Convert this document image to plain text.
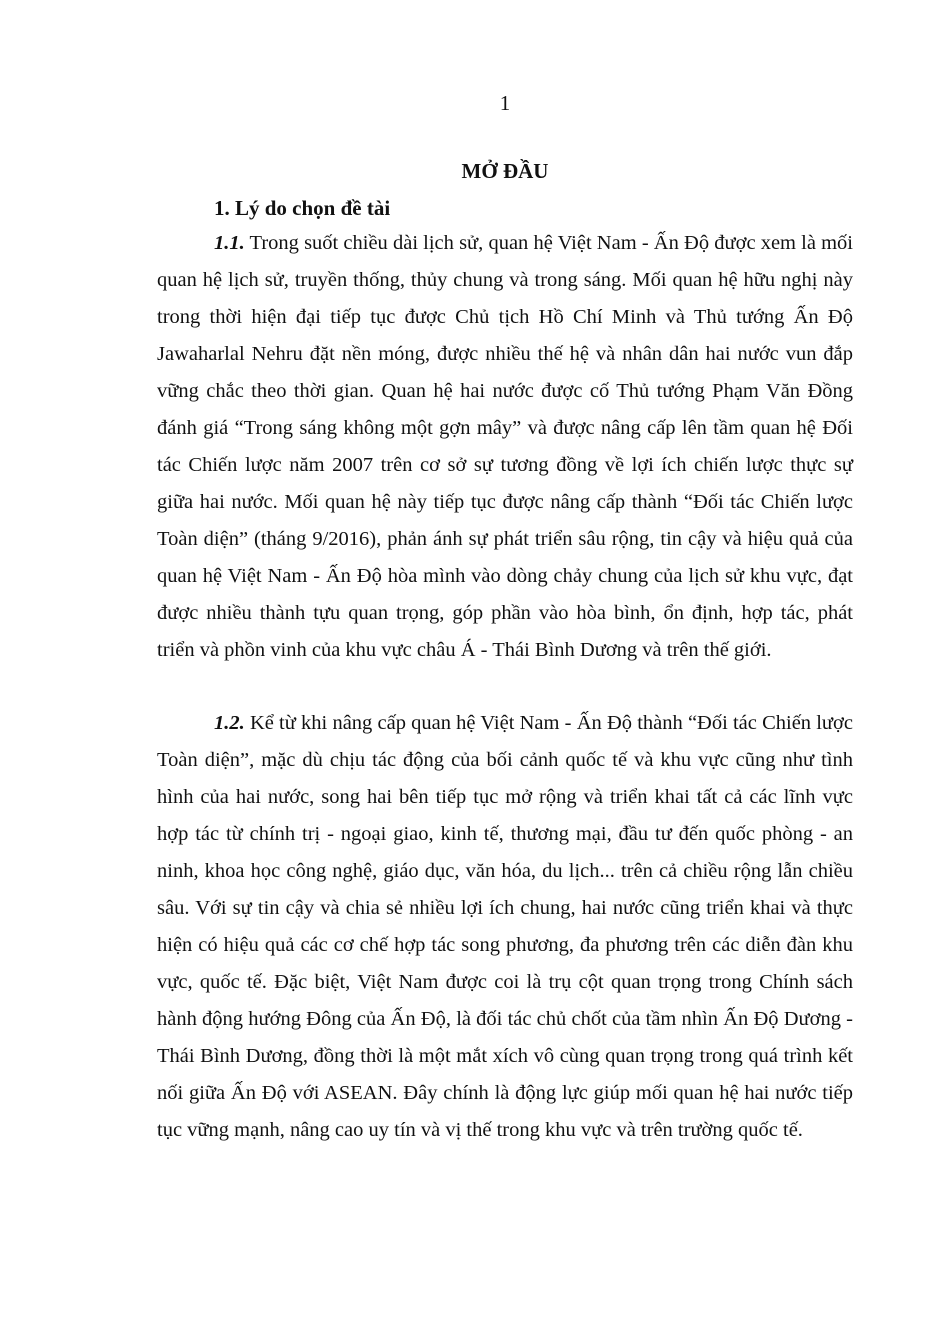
1
MỞ ĐẦU
1. Lý do chọn đề tài

1.1. Trong suốt chiều dài lịch sử, quan hệ Việt Nam - Ấn Độ được xem là mối quan hệ lịch sử, truyền thống, thủy chung và trong sáng. Mối quan hệ hữu nghị này trong thời hiện đại tiếp tục được Chủ tịch Hồ Chí Minh và Thủ tướng Ấn Độ Jawaharlal Nehru đặt nền móng, được nhiều thế hệ và nhân dân hai nước vun đắp vững chắc theo thời gian. Quan hệ hai nước được cố Thủ tướng Phạm Văn Đồng đánh giá “Trong sáng không một gợn mây” và được nâng cấp lên tầm quan hệ Đối tác Chiến lược năm 2007 trên cơ sở sự tương đồng về lợi ích chiến lược thực sự giữa hai nước. Mối quan hệ này tiếp tục được nâng cấp thành “Đối tác Chiến lược Toàn diện” (tháng 9/2016), phản ánh sự phát triển sâu rộng, tin cậy và hiệu quả của quan hệ Việt Nam - Ấn Độ hòa mình vào dòng chảy chung của lịch sử khu vực, đạt được nhiều thành tựu quan trọng, góp phần vào hòa bình, ổn định, hợp tác, phát triển và phồn vinh của khu vực châu Á - Thái Bình Dương và trên thế giới.

1.2. Kể từ khi nâng cấp quan hệ Việt Nam - Ấn Độ thành “Đối tác Chiến lược Toàn diện”, mặc dù chịu tác động của bối cảnh quốc tế và khu vực cũng như tình hình của hai nước, song hai bên tiếp tục mở rộng và triển khai tất cả các lĩnh vực hợp tác từ chính trị - ngoại giao, kinh tế, thương mại, đầu tư đến quốc phòng - an ninh, khoa học công nghệ, giáo dục, văn hóa, du lịch... trên cả chiều rộng lẫn chiều sâu. Với sự tin cậy và chia sẻ nhiều lợi ích chung, hai nước cũng triển khai và thực hiện có hiệu quả các cơ chế hợp tác song phương, đa phương trên các diễn đàn khu vực, quốc tế. Đặc biệt, Việt Nam được coi là trụ cột quan trọng trong Chính sách hành động hướng Đông của Ấn Độ, là đối tác chủ chốt của tầm nhìn Ấn Độ Dương - Thái Bình Dương, đồng thời là một mắt xích vô cùng quan trọng trong quá trình kết nối giữa Ấn Độ với ASEAN. Đây chính là động lực giúp mối quan hệ hai nước tiếp tục vững mạnh, nâng cao uy tín và vị thế trong khu vực và trên trường quốc tế.
